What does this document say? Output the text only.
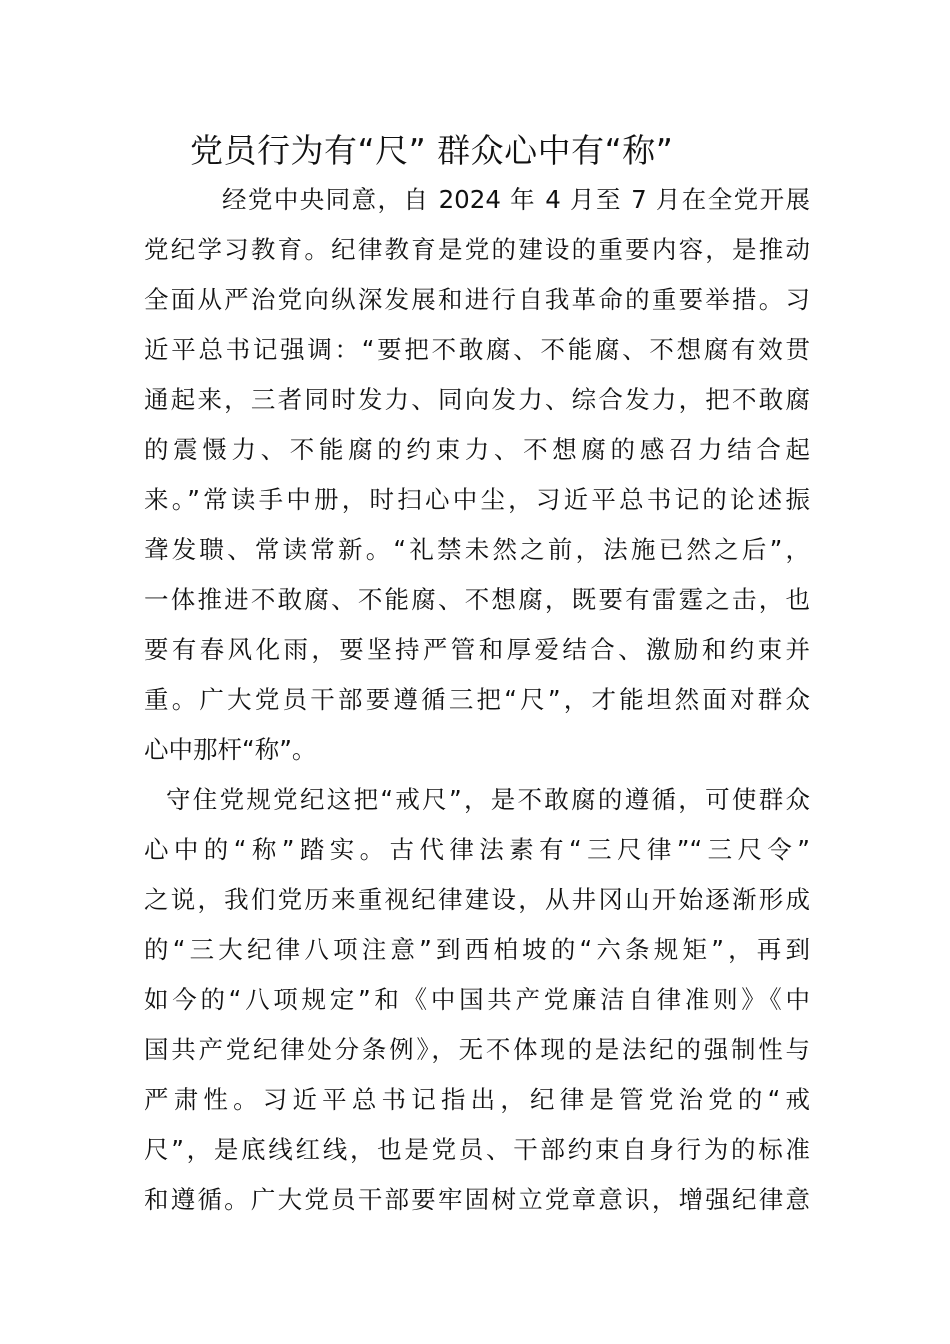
党员行为有“尺” 群众心中有“称”
经党中央同意，自 2024 年 4 月至 7 月在全党开展
党纪学习教育。纪律教育是党的建设的重要内容，是推动
全面从严治党向纵深发展和进行自我革命的重要举措。习
近平总书记强调：“要把不敢腐、不能腐、不想腐有效贯
通起来，三者同时发力、同向发力、综合发力，把不敢腐
的震慑力、不能腐的约束力、不想腐的感召力结合起
来。”常读手中册，时扫心中尘，习近平总书记的论述振
聋发聩、常读常新。“礼禁未然之前，法施已然之后”，
一体推进不敢腐、不能腐、不想腐，既要有雷霆之击，也
要有春风化雨，要坚持严管和厚爱结合、激励和约束并
重。广大党员干部要遵循三把“尺”，才能坦然面对群众
心中那杆“称”。
守住党规党纪这把“戒尺”，是不敢腐的遵循，可使群众
心中的“称”踏实。古代律法素有“三尺律”“三尺令”
之说，我们党历来重视纪律建设，从井冈山开始逐渐形成
的“三大纪律八项注意”到西柏坡的“六条规矩”，再到
如今的“八项规定”和《中国共产党廉洁自律准则》《中
国共产党纪律处分条例》，无不体现的是法纪的强制性与
严肃性。习近平总书记指出，纪律是管党治党的“戒
尺”，是底线红线，也是党员、干部约束自身行为的标准
和遵循。广大党员干部要牢固树立党章意识，增强纪律意
